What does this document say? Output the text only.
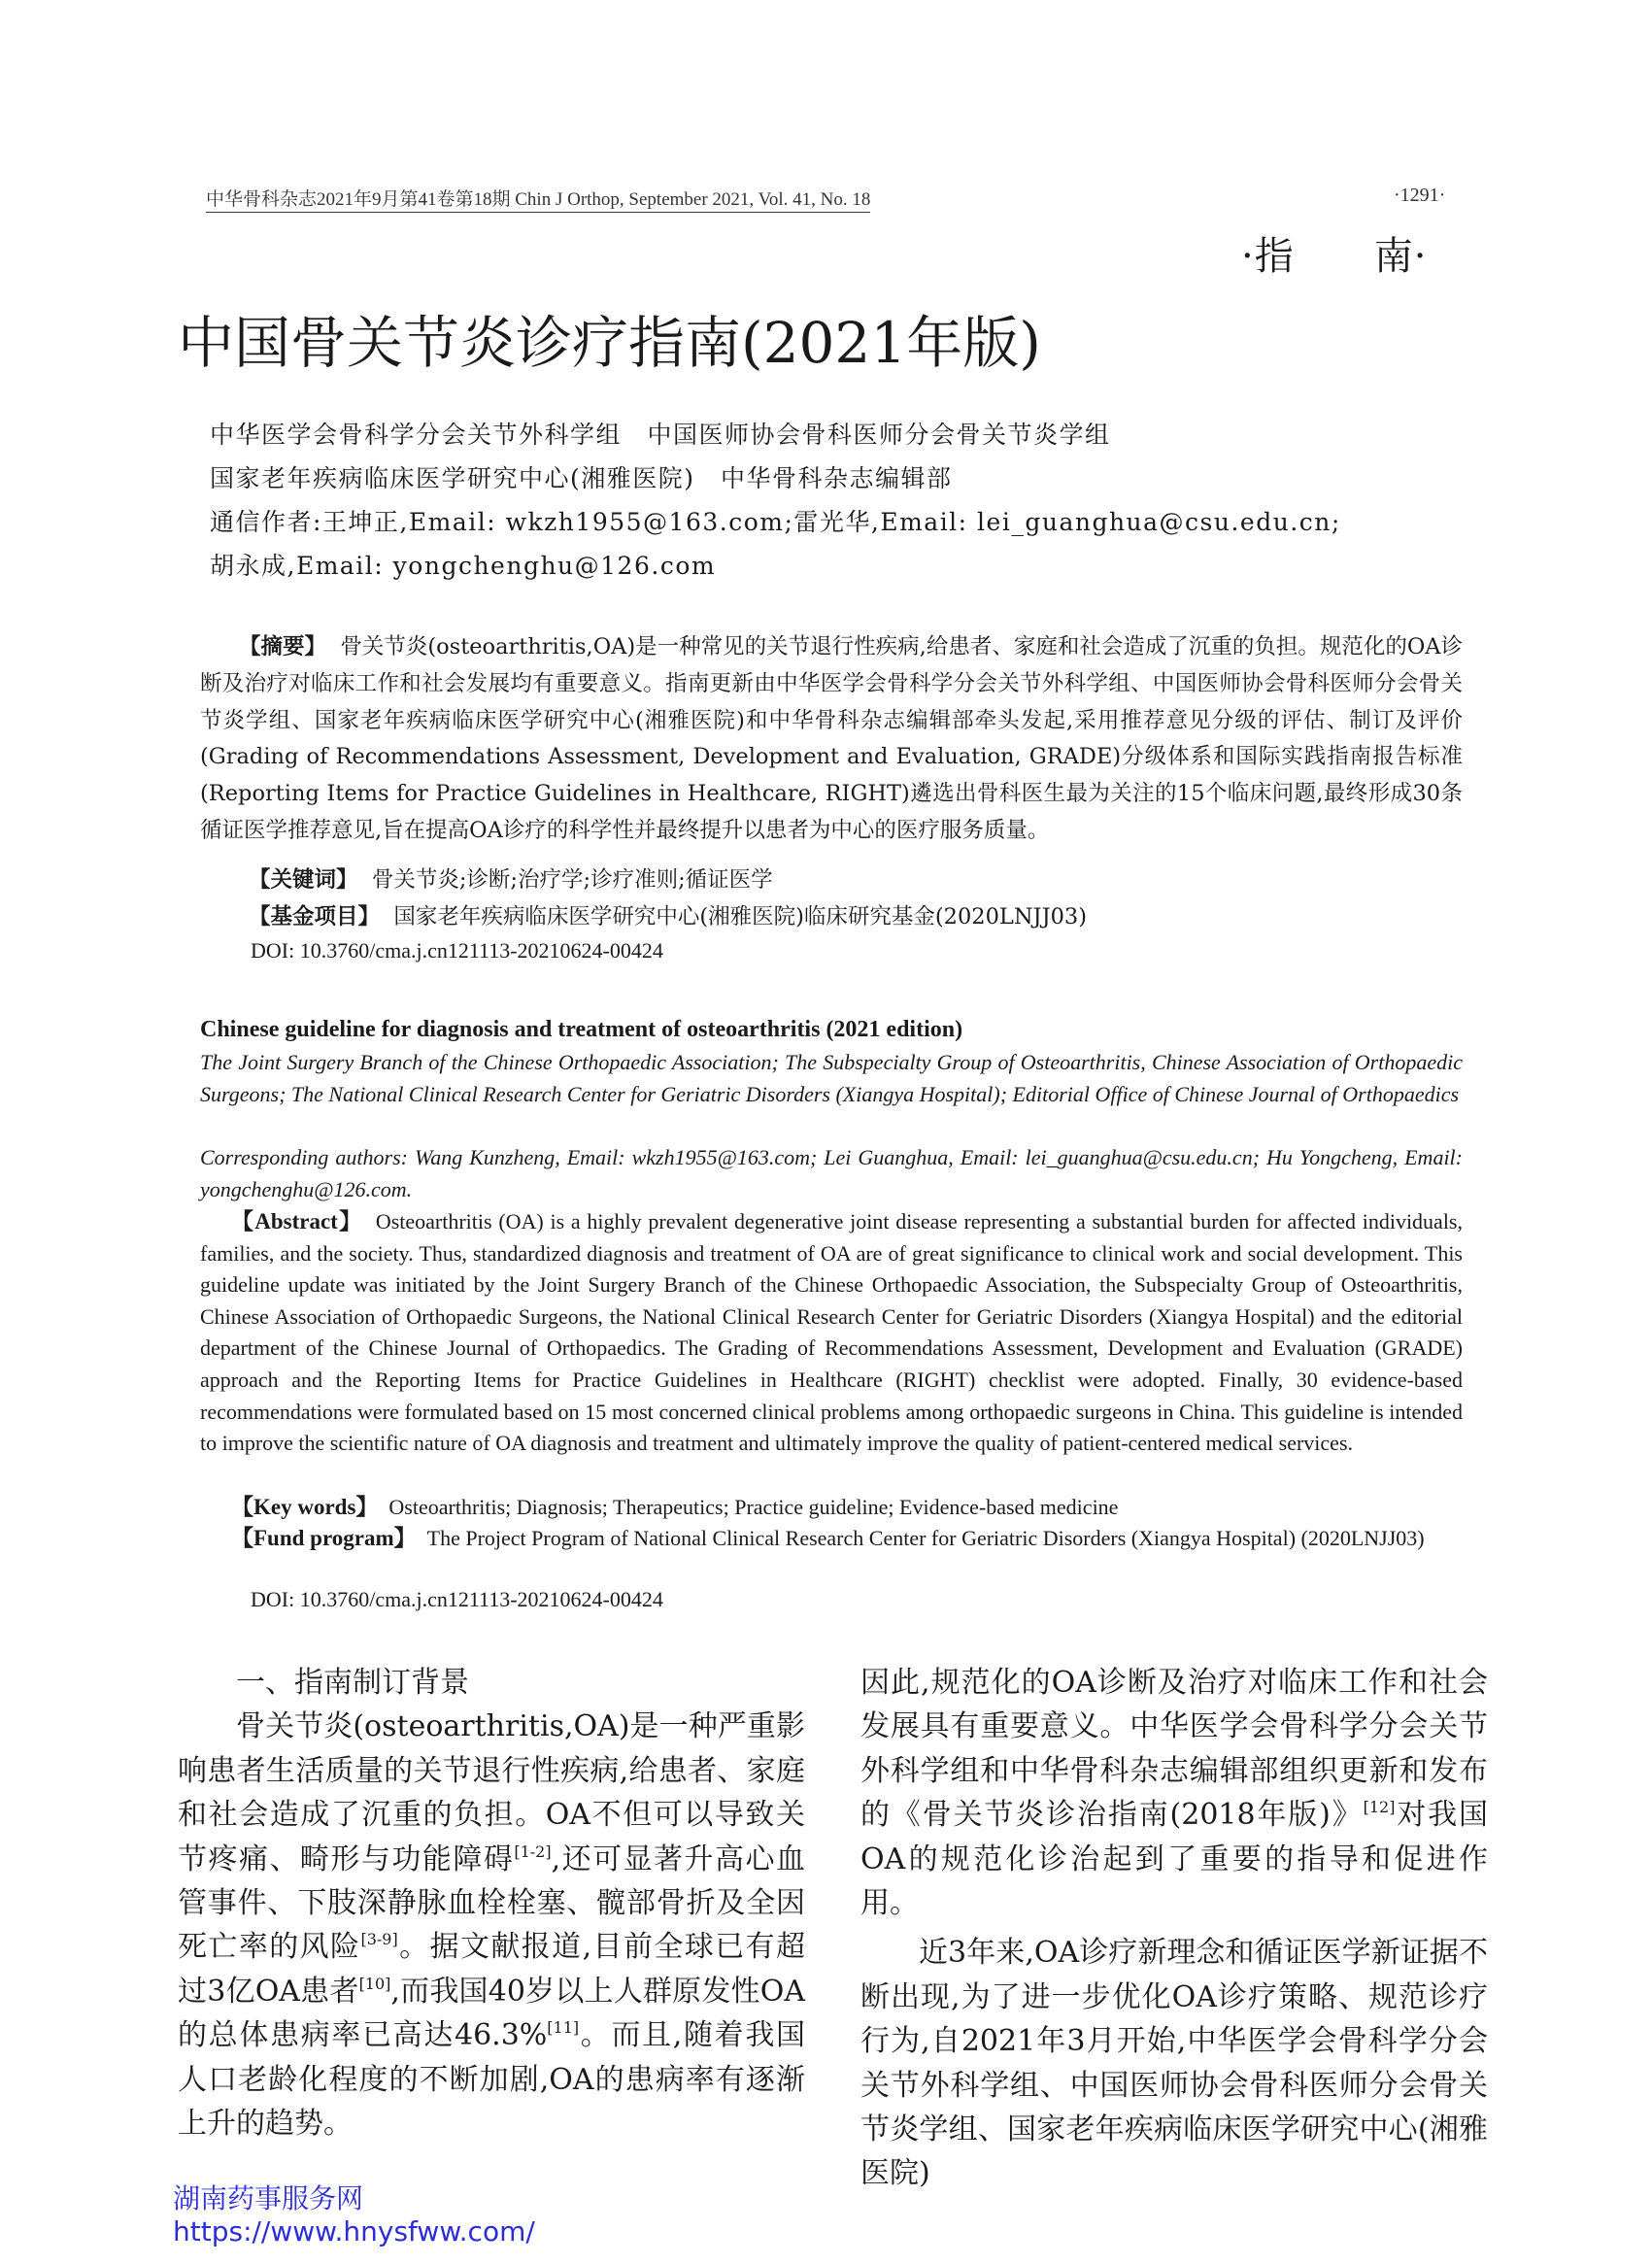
中华骨科杂志2021年9月第41卷第18期 Chin J Orthop, September 2021, Vol. 41, No. 18	·1291·
·指　　南·
中国骨关节炎诊疗指南(2021年版)
中华医学会骨科学分会关节外科学组　中国医师协会骨科医师分会骨关节炎学组
国家老年疾病临床医学研究中心(湘雅医院)　中华骨科杂志编辑部
通信作者:王坤正,Email: wkzh1955@163.com;雷光华,Email: lei_guanghua@csu.edu.cn;
胡永成,Email: yongchenghu@126.com

【摘要】 骨关节炎(osteoarthritis,OA)是一种常见的关节退行性疾病,给患者、家庭和社会造成了沉重的负担。规范化的OA诊断及治疗对临床工作和社会发展均有重要意义。指南更新由中华医学会骨科学分会关节外科学组、中国医师协会骨科医师分会骨关节炎学组、国家老年疾病临床医学研究中心(湘雅医院)和中华骨科杂志编辑部牵头发起,采用推荐意见分级的评估、制订及评价(Grading of Recommendations Assessment, Development and Evaluation, GRADE)分级体系和国际实践指南报告标准(Reporting Items for Practice Guidelines in Healthcare, RIGHT)遴选出骨科医生最为关注的15个临床问题,最终形成30条循证医学推荐意见,旨在提高OA诊疗的科学性并最终提升以患者为中心的医疗服务质量。

【关键词】 骨关节炎;诊断;治疗学;诊疗准则;循证医学
【基金项目】 国家老年疾病临床医学研究中心(湘雅医院)临床研究基金(2020LNJJ03)
DOI: 10.3760/cma.j.cn121113-20210624-00424
Chinese guideline for diagnosis and treatment of osteoarthritis (2021 edition)
The Joint Surgery Branch of the Chinese Orthopaedic Association; The Subspecialty Group of Osteoarthritis, Chinese Association of Orthopaedic Surgeons; The National Clinical Research Center for Geriatric Disorders (Xiangya Hospital); Editorial Office of Chinese Journal of Orthopaedics
Corresponding authors: Wang Kunzheng, Email: wkzh1955@163.com; Lei Guanghua, Email: lei_guanghua@csu.edu.cn; Hu Yongcheng, Email: yongchenghu@126.com.

【Abstract】 Osteoarthritis (OA) is a highly prevalent degenerative joint disease representing a substantial burden for affected individuals, families, and the society. Thus, standardized diagnosis and treatment of OA are of great significance to clinical work and social development. This guideline update was initiated by the Joint Surgery Branch of the Chinese Orthopaedic Association, the Subspecialty Group of Osteoarthritis, Chinese Association of Orthopaedic Surgeons, the National Clinical Research Center for Geriatric Disorders (Xiangya Hospital) and the editorial department of the Chinese Journal of Orthopaedics. The Grading of Recommendations Assessment, Development and Evaluation (GRADE) approach and the Reporting Items for Practice Guidelines in Healthcare (RIGHT) checklist were adopted. Finally, 30 evidence-based recommendations were formulated based on 15 most concerned clinical problems among orthopaedic surgeons in China. This guideline is intended to improve the scientific nature of OA diagnosis and treatment and ultimately improve the quality of patient-centered medical services.

【Key words】 Osteoarthritis; Diagnosis; Therapeutics; Practice guideline; Evidence-based medicine

【Fund program】 The Project Program of National Clinical Research Center for Geriatric Disorders (Xiangya Hospital) (2020LNJJ03)

DOI: 10.3760/cma.j.cn121113-20210624-00424

一、指南制订背景

骨关节炎(osteoarthritis,OA)是一种严重影响患者生活质量的关节退行性疾病,给患者、家庭和社会造成了沉重的负担。OA不但可以导致关节疼痛、畸形与功能障碍[1-2],还可显著升高心血管事件、下肢深静脉血栓栓塞、髋部骨折及全因死亡率的风险[3-9]。据文献报道,目前全球已有超过3亿OA患者[10],而我国40岁以上人群原发性OA的总体患病率已高达46.3%[11]。而且,随着我国人口老龄化程度的不断加剧,OA的患病率有逐渐上升的趋势。

因此,规范化的OA诊断及治疗对临床工作和社会发展具有重要意义。中华医学会骨科学分会关节外科学组和中华骨科杂志编辑部组织更新和发布的《骨关节炎诊治指南(2018年版)》[12]对我国OA的规范化诊治起到了重要的指导和促进作用。

近3年来,OA诊疗新理念和循证医学新证据不断出现,为了进一步优化OA诊疗策略、规范诊疗行为,自2021年3月开始,中华医学会骨科学分会关节外科学组、中国医师协会骨科医师分会骨关节炎学组、国家老年疾病临床医学研究中心(湘雅医院)

湖南药事服务网
https://www.hnysfww.com/
